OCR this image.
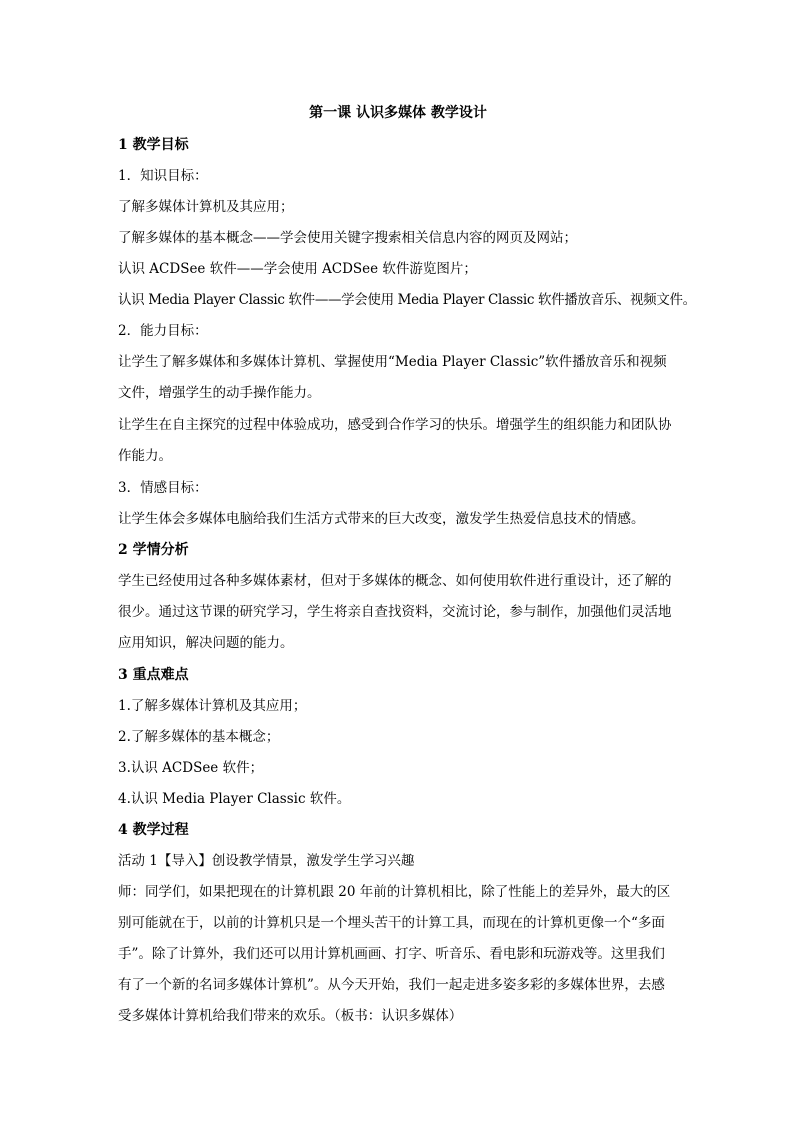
第一课 认识多媒体 教学设计
1 教学目标
1．知识目标：
了解多媒体计算机及其应用；
了解多媒体的基本概念——学会使用关键字搜索相关信息内容的网页及网站；
认识 ACDSee 软件——学会使用 ACDSee 软件游览图片；
认识 Media Player Classic 软件——学会使用 Media Player Classic 软件播放音乐、视频文件。
2．能力目标：
让学生了解多媒体和多媒体计算机、掌握使用“Media Player Classic”软件播放音乐和视频文件，增强学生的动手操作能力。
让学生在自主探究的过程中体验成功，感受到合作学习的快乐。增强学生的组织能力和团队协作能力。
3．情感目标：
让学生体会多媒体电脑给我们生活方式带来的巨大改变，激发学生热爱信息技术的情感。
2 学情分析
学生已经使用过各种多媒体素材，但对于多媒体的概念、如何使用软件进行重设计，还了解的很少。通过这节课的研究学习，学生将亲自查找资料，交流讨论，参与制作，加强他们灵活地应用知识，解决问题的能力。
3 重点难点
1.了解多媒体计算机及其应用；
2.了解多媒体的基本概念；
3.认识 ACDSee 软件；
4.认识 Media Player Classic 软件。
4 教学过程
活动 1【导入】创设教学情景，激发学生学习兴趣
师：同学们，如果把现在的计算机跟 20 年前的计算机相比，除了性能上的差异外，最大的区别可能就在于，以前的计算机只是一个埋头苦干的计算工具，而现在的计算机更像一个“多面手”。除了计算外，我们还可以用计算机画画、打字、听音乐、看电影和玩游戏等。这里我们有了一个新的名词多媒体计算机”。从今天开始，我们一起走进多姿多彩的多媒体世界，去感受多媒体计算机给我们带来的欢乐。（板书：认识多媒体）
